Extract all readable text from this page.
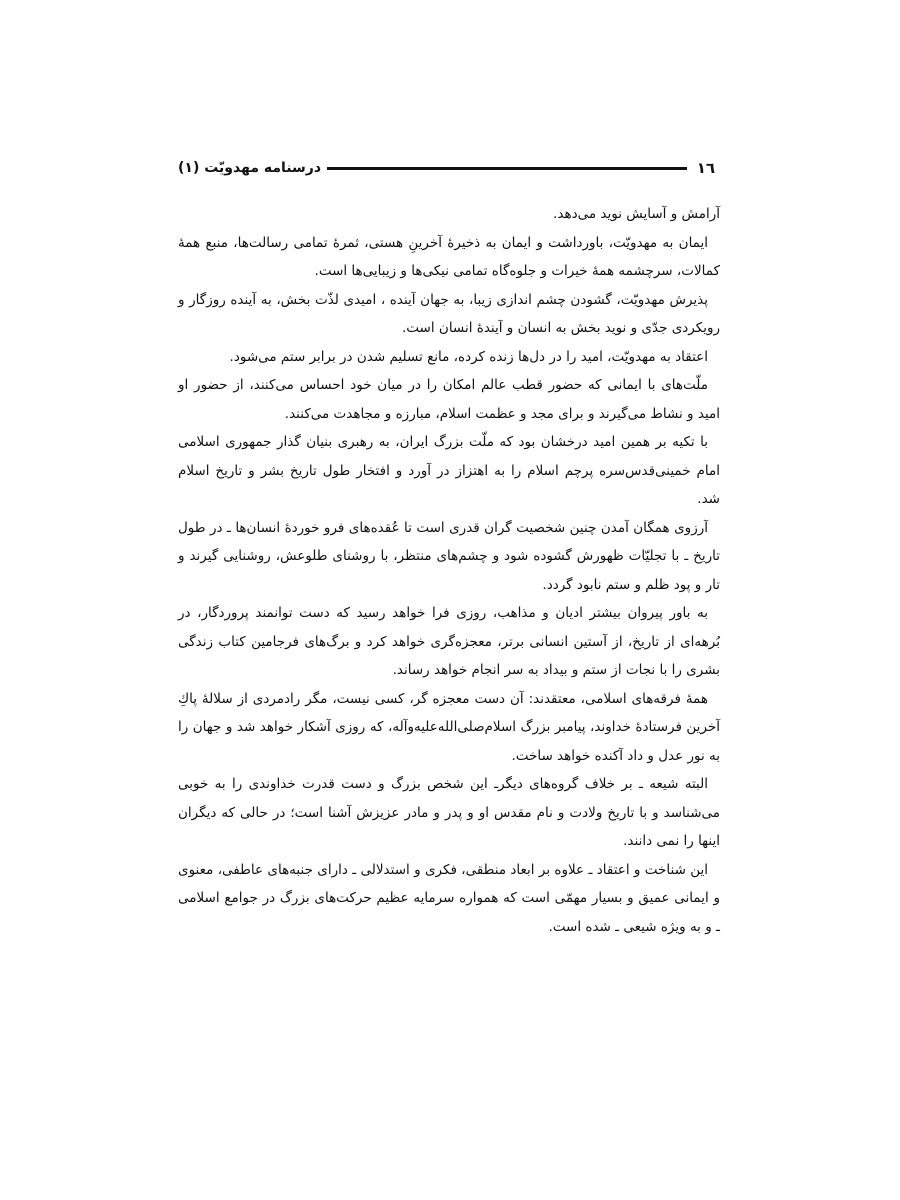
١٦
درسنامه مهدويّت (١)

آرامش و آسايش نويد مى‌دهد.

ايمان به مهدويّت، باورداشت و ايمان به ذخيرۀ آخرينِ هستى، ثمرۀ تمامى رسالت‌ها، منبع همۀ كمالات، سرچشمه همۀ خيرات و جلوه‌گاه تمامى نيكى‌ها و زيبايى‌ها است.

پذيرش مهدويّت، گشودن چشم اندازى زيبا، به جهان آينده ، اميدى لذّت بخش، به آينده روزگار و رويكردى جدّى و نويد بخش به انسان و آيندۀ انسان است.

اعتقاد به مهدويّت، اميد را در دل‌ها زنده كرده، مانع تسليم شدن در برابر ستم مى‌شود.

ملّت‌هاى با ايمانى كه حضور قطب عالم امكان را در ميان خود احساس مى‌كنند، از حضور او اميد و نشاط مى‌گيرند و براى مجد و عظمت اسلام، مبارزه و مجاهدت مى‌كنند.

با تكيه بر همين اميد درخشان بود كه ملّت بزرگ ايران، به رهبرى بنيان گذار جمهورى اسلامى امام خمينى‌قدس‌سره پرچم اسلام را به اهتزاز در آورد و افتخار طول تاريخ بشر و تاريخ اسلام شد.

آرزوى همگان آمدن چنين شخصيت گران قدرى است تا عُقده‌هاى فرو خوردۀ انسان‌ها ـ در طول تاريخ ـ با تجليّات ظهورش گشوده شود و چشم‌هاى منتظر، با روشناى طلوعش، روشنايى گيرند و تار و پود ظلم و ستم نابود گردد.

به باور پيروان بيشتر اديان و مذاهب، روزى فرا خواهد رسيد كه دست توانمند پروردگار، در بُرهه‌اى از تاريخ، از آستين انسانى برتر، معجزه‌گرى خواهد كرد و برگ‌هاى فرجامين كتاب زندگى بشرى را با نجات از ستم و بيداد به سر انجام خواهد رساند.

همۀ فرقه‌هاى اسلامى، معتقدند: آن دست معجزه گر، كسى نيست، مگر رادمردى از سلالۀ پاكِ آخرين فرستادۀ خداوند، پيامبر بزرگ اسلام‌صلى‌الله‌عليه‌وآله، كه روزى آشكار خواهد شد و جهان را به نور عدل و داد آكنده خواهد ساخت.

البته شيعه ـ بر خلاف گروه‌هاى ديگرـ اين شخص بزرگ و دست قدرت خداوندى را به خوبى مى‌شناسد و با تاريخ ولادت و نام مقدس او و پدر و مادر عزيزش آشنا است؛ در حالى كه ديگران اينها را نمى دانند.

اين شناخت و اعتقاد ـ علاوه بر ابعاد منطقى، فكرى و استدلالى ـ داراى جنبه‌هاى عاطفى، معنوى و ايمانى عميق و بسيار مهمّى است كه همواره سرمايه عظيم حركت‌هاى بزرگ در جوامع اسلامى ـ و به ويژه شيعى ـ شده است.
